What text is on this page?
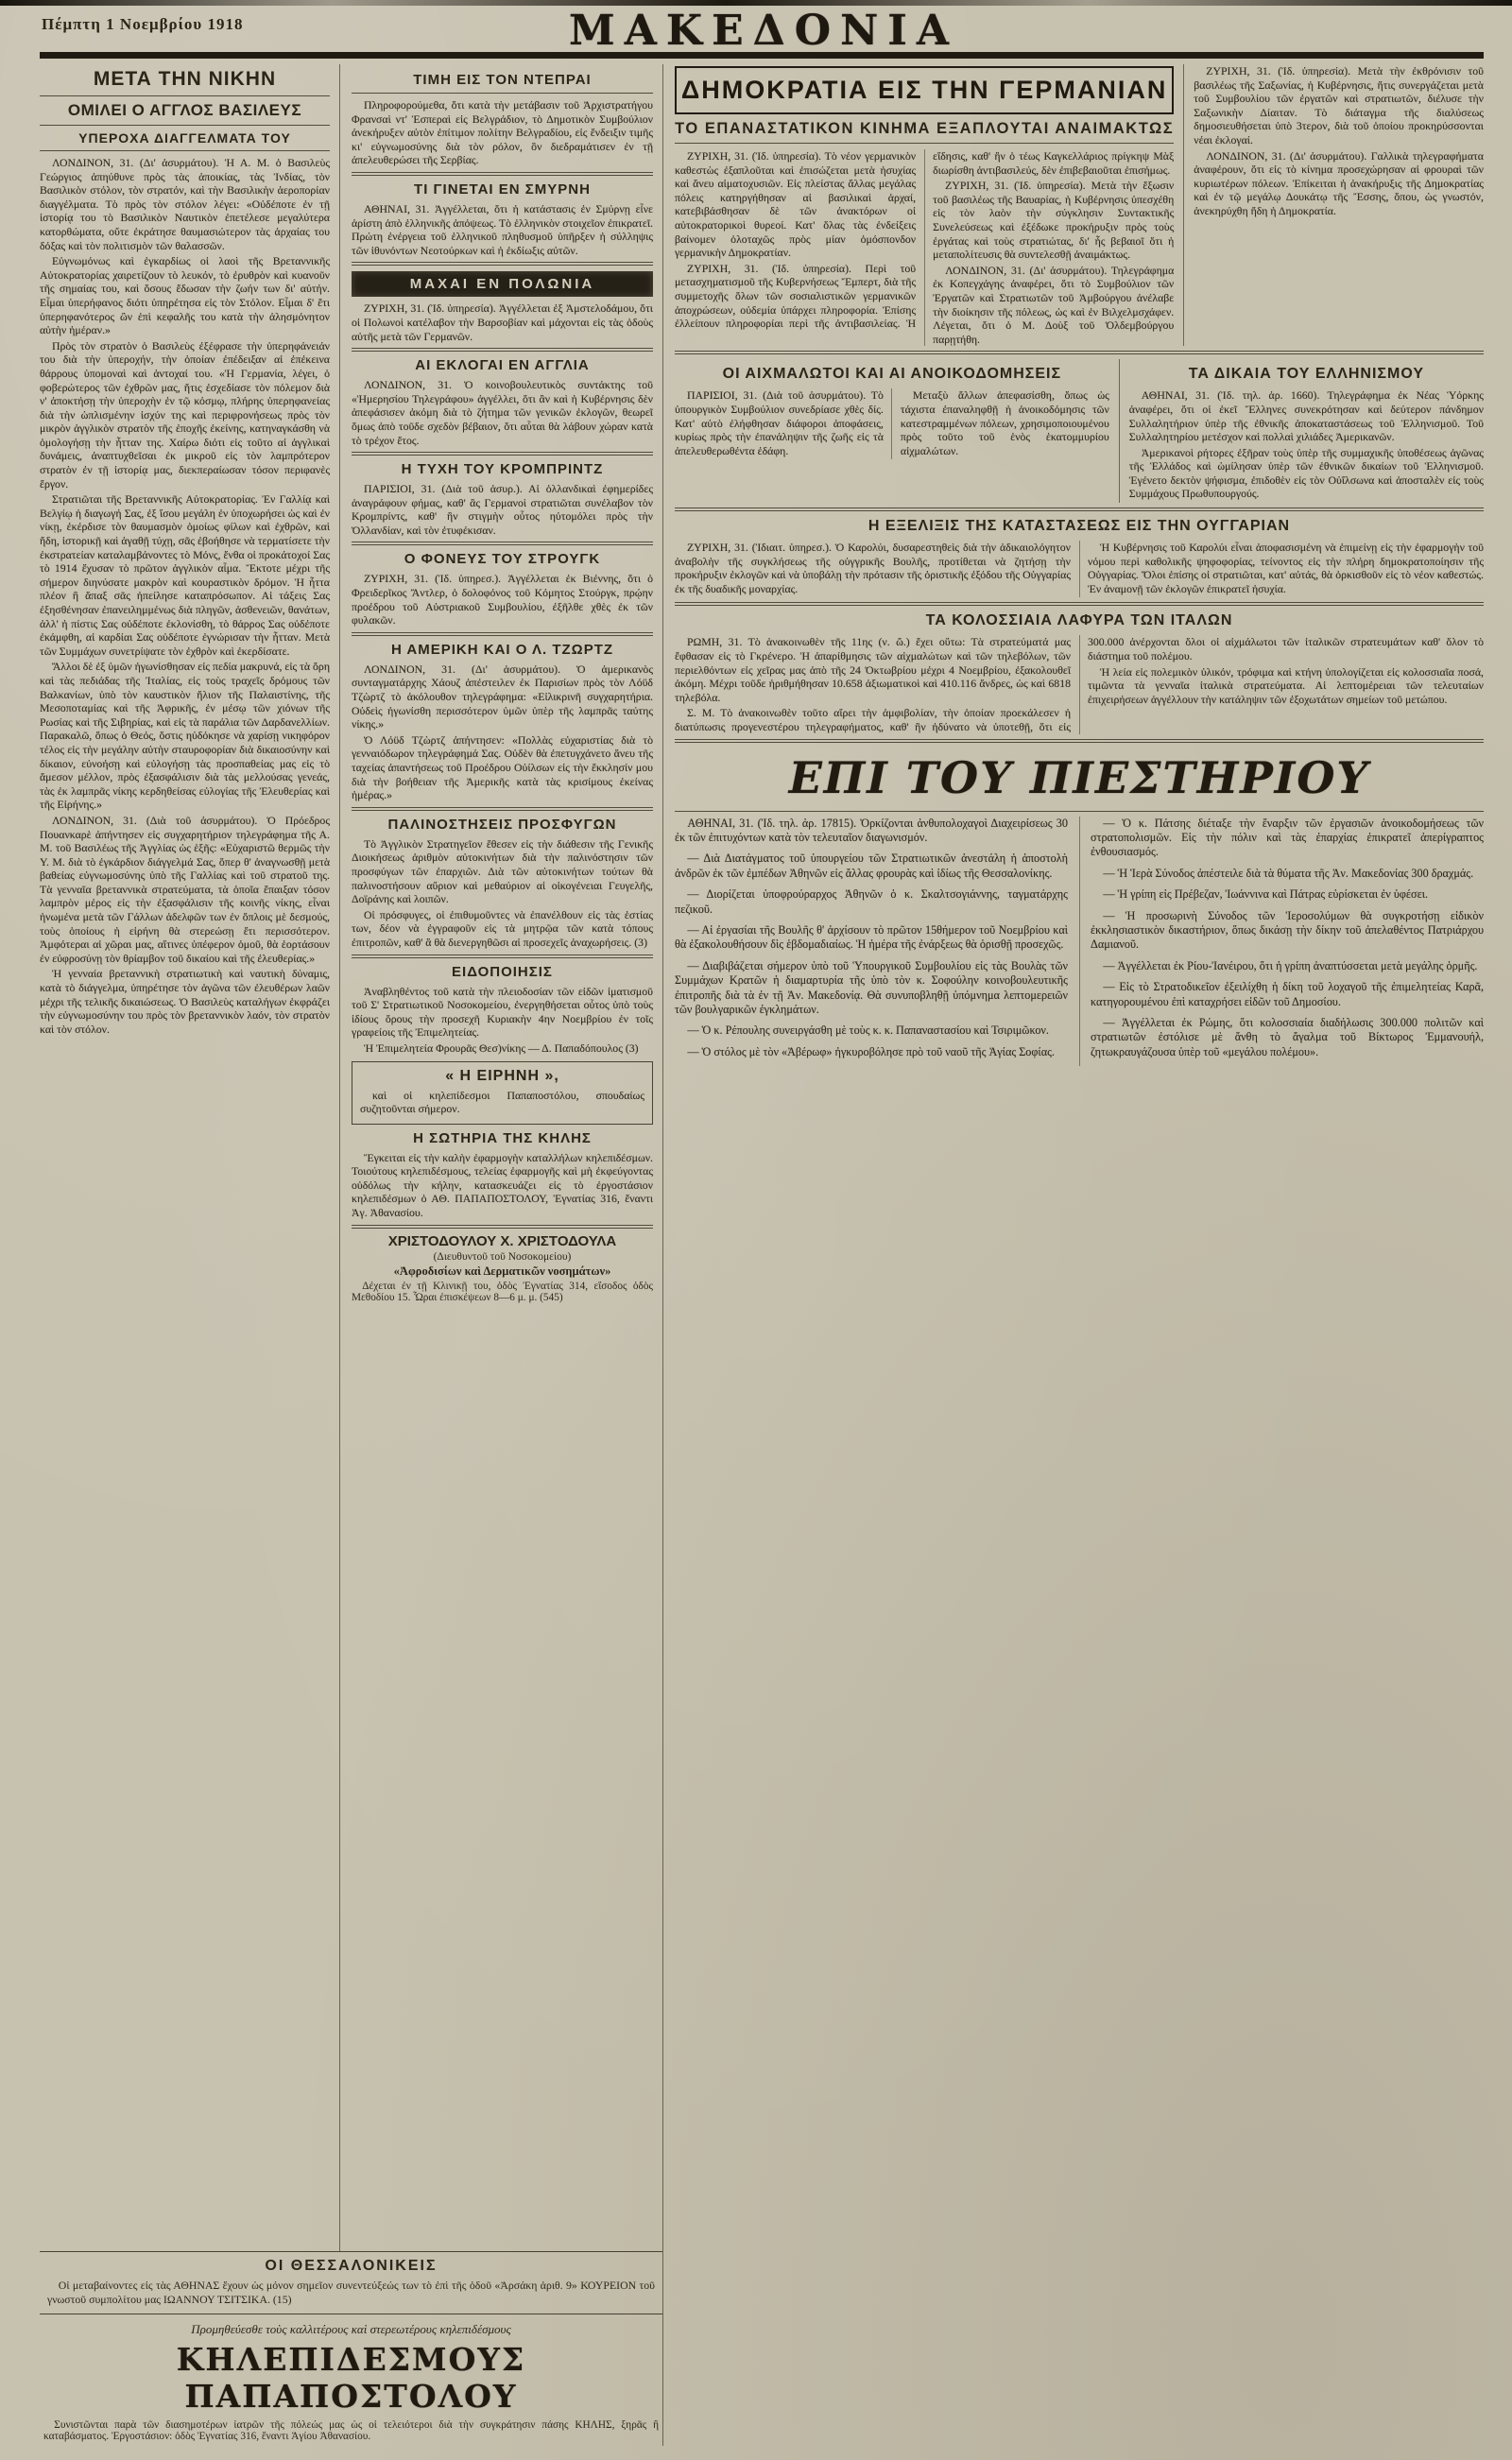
Πέμπτη 1 Νοεμβρίου 1918	ΜΑΚΕΔΟΝΙΑ
ΜΕΤΑ ΤΗΝ ΝΙΚΗΝ
ΟΜΙΛΕΙ Ο ΑΓΓΛΟΣ ΒΑΣΙΛΕΥΣ
ΥΠΕΡΟΧΑ ΔΙΑΓΓΕΛΜΑΤΑ ΤΟΥ

ΛΟΝΔΙΝΟΝ, 31. (Δι' ἀσυρμάτου). Ἡ Α. Μ. ὁ Βασιλεὺς Γεώργιος ἀπηύθυνε πρὸς τὰς ἀποικίας, τὰς Ἰνδίας, τὸν Βασιλικὸν στόλον, τὸν στρατόν, καὶ τὴν Βασιλικὴν ἀεροπορίαν διαγγέλματα. Τὸ πρὸς τὸν στόλον λέγει: «Οὐδέποτε ἐν τῇ ἱστορίᾳ του τὸ Βασιλικὸν Ναυτικὸν ἐπετέλεσε μεγαλύτερα κατορθώματα, οὔτε ἐκράτησε θαυμασιώτερον τὰς ἀρχαίας του δόξας καὶ τὸν πολιτισμὸν τῶν θαλασσῶν.

Εὐγνωμόνως καὶ ἐγκαρδίως οἱ λαοὶ τῆς Βρεταννικῆς Αὐτοκρατορίας χαιρετίζουν τὸ λευκόν, τὸ ἐρυθρὸν καὶ κυανοῦν τῆς σημαίας του, καὶ ὅσους ἔδωσαν τὴν ζωήν των δι' αὐτήν. Εἶμαι ὑπερήφανος διότι ὑπηρέτησα εἰς τὸν Στόλον. Εἶμαι δ' ἔτι ὑπερηφανότερος ὢν ἐπὶ κεφαλῆς του κατὰ τὴν ἀλησμόνητον αὐτὴν ἡμέραν.»

Πρὸς τὸν στρατὸν ὁ Βασιλεὺς ἐξέφρασε τὴν ὑπερηφάνειάν του διὰ τὴν ὑπεροχήν, τὴν ὁποίαν ἐπέδειξαν αἱ ἐπέκεινα θάρρους ὑπομοναὶ καὶ ἀντοχαί του. «Ἡ Γερμανία, λέγει, ὁ φοβερώτερος τῶν ἐχθρῶν μας, ἥτις ἐσχεδίασε τὸν πόλεμον διὰ ν' ἀποκτήσῃ τὴν ὑπεροχὴν ἐν τῷ κόσμῳ, πλήρης ὑπερηφανείας διὰ τὴν ὡπλισμένην ἰσχύν της καὶ περιφρονήσεως πρὸς τὸν μικρὸν ἀγγλικὸν στρατὸν τῆς ἐποχῆς ἐκείνης, κατηναγκάσθη νὰ ὁμολογήσῃ τὴν ἧτταν της. Χαίρω διότι εἰς τοῦτο αἱ ἀγγλικαὶ δυνάμεις, ἀναπτυχθεῖσαι ἐκ μικροῦ εἰς τὸν λαμπρότερον στρατὸν ἐν τῇ ἱστορίᾳ μας, διεκπεραίωσαν τόσον περιφανὲς ἔργον.

Στρατιῶται τῆς Βρεταννικῆς Αὐτοκρατορίας. Ἐν Γαλλίᾳ καὶ Βελγίῳ ἡ διαγωγή Σας, ἐξ ἴσου μεγάλη ἐν ὑποχωρήσει ὡς καὶ ἐν νίκῃ, ἐκέρδισε τὸν θαυμασμὸν ὁμοίως φίλων καὶ ἐχθρῶν, καὶ ἤδη, ἱστορικῇ καὶ ἀγαθῇ τύχῃ, σᾶς ἐβοήθησε νὰ τερματίσετε τὴν ἐκστρατείαν καταλαμβάνοντες τὸ Μόνς, ἔνθα οἱ προκάτοχοί Σας τὸ 1914 ἔχυσαν τὸ πρῶτον ἀγγλικὸν αἷμα. Ἔκτοτε μέχρι τῆς σήμερον διηνύσατε μακρὸν καὶ κουραστικὸν δρόμον. Ἡ ἧττα πλέον ἢ ἅπαξ σᾶς ἠπείλησε καταπρόσωπον. Αἱ τάξεις Σας ἐξησθένησαν ἐπανειλημμένως διὰ πληγῶν, ἀσθενειῶν, θανάτων, ἀλλ' ἡ πίστις Σας οὐδέποτε ἐκλονίσθη, τὸ θάρρος Σας οὐδέποτε ἐκάμφθη, αἱ καρδίαι Σας οὐδέποτε ἐγνώρισαν τὴν ἧτταν. Μετὰ τῶν Συμμάχων συνετρίψατε τὸν ἐχθρὸν καὶ ἐκερδίσατε.

Ἄλλοι δὲ ἐξ ὑμῶν ἠγωνίσθησαν εἰς πεδία μακρυνά, εἰς τὰ ὄρη καὶ τὰς πεδιάδας τῆς Ἰταλίας, εἰς τοὺς τραχεῖς δρόμους τῶν Βαλκανίων, ὑπὸ τὸν καυστικὸν ἥλιον τῆς Παλαιστίνης, τῆς Μεσοποταμίας καὶ τῆς Ἀφρικῆς, ἐν μέσῳ τῶν χιόνων τῆς Ρωσίας καὶ τῆς Σιβηρίας, καὶ εἰς τὰ παράλια τῶν Δαρδανελλίων. Παρακαλῶ, ὅπως ὁ Θεός, ὅστις ηὐδόκησε νὰ χαρίσῃ νικηφόρον τέλος εἰς τὴν μεγάλην αὐτὴν σταυροφορίαν διὰ δικαιοσύνην καὶ δίκαιον, εὐνοήσῃ καὶ εὐλογήσῃ τὰς προσπαθείας μας εἰς τὸ ἄμεσον μέλλον, πρὸς ἐξασφάλισιν διὰ τὰς μελλούσας γενεάς, τὰς ἐκ λαμπρᾶς νίκης κερδηθείσας εὐλογίας τῆς Ἐλευθερίας καὶ τῆς Εἰρήνης.»

ΛΟΝΔΙΝΟΝ, 31. (Διὰ τοῦ ἀσυρμάτου). Ὁ Πρόεδρος Πουανκαρὲ ἀπήντησεν εἰς συγχαρητήριον τηλεγράφημα τῆς Α. Μ. τοῦ Βασιλέως τῆς Ἀγγλίας ὡς ἑξῆς: «Εὐχαριστῶ θερμῶς τὴν Υ. Μ. διὰ τὸ ἐγκάρδιον διάγγελμά Σας, ὅπερ θ' ἀναγνωσθῇ μετὰ βαθείας εὐγνωμοσύνης ὑπὸ τῆς Γαλλίας καὶ τοῦ στρατοῦ της. Τὰ γενναῖα βρεταννικὰ στρατεύματα, τὰ ὁποῖα ἔπαιξαν τόσον λαμπρὸν μέρος εἰς τὴν ἐξασφάλισιν τῆς κοινῆς νίκης, εἶναι ἡνωμένα μετὰ τῶν Γάλλων ἀδελφῶν των ἐν ὅπλοις μὲ δεσμούς, τοὺς ὁποίους ἡ εἰρήνη θὰ στερεώσῃ ἔτι περισσότερον. Ἀμφότεραι αἱ χῶραι μας, αἵτινες ὑπέφερον ὁμοῦ, θὰ ἑορτάσουν ἐν εὐφροσύνῃ τὸν θρίαμβον τοῦ δικαίου καὶ τῆς ἐλευθερίας.»

Ἡ γενναία βρεταννικὴ στρατιωτικὴ καὶ ναυτικὴ δύναμις, κατὰ τὸ διάγγελμα, ὑπηρέτησε τὸν ἀγῶνα τῶν ἐλευθέρων λαῶν μέχρι τῆς τελικῆς δικαιώσεως. Ὁ Βασιλεὺς καταλήγων ἐκφράζει τὴν εὐγνωμοσύνην του πρὸς τὸν βρεταννικὸν λαόν, τὸν στρατὸν καὶ τὸν στόλον.

ΤΙΜΗ ΕΙΣ ΤΟΝ ΝΤΕΠΡΑΙ

Πληροφορούμεθα, ὅτι κατὰ τὴν μετάβασιν τοῦ Ἀρχιστρατήγου Φρανσαὶ ντ' Ἐσπεραὶ εἰς Βελγράδιον, τὸ Δημοτικὸν Συμβούλιον ἀνεκήρυξεν αὐτὸν ἐπίτιμον πολίτην Βελγραδίου, εἰς ἔνδειξιν τιμῆς κι' εὐγνωμοσύνης διὰ τὸν ρόλον, ὃν διεδραμάτισεν ἐν τῇ ἀπελευθερώσει τῆς Σερβίας.

ΤΙ ΓΙΝΕΤΑΙ ΕΝ ΣΜΥΡΝΗ

ΑΘΗΝΑΙ, 31. Ἀγγέλλεται, ὅτι ἡ κατάστασις ἐν Σμύρνῃ εἶνε ἀρίστη ἀπὸ ἑλληνικῆς ἀπόψεως. Τὸ ἑλληνικὸν στοιχεῖον ἐπικρατεῖ. Πρώτη ἐνέργεια τοῦ ἑλληνικοῦ πληθυσμοῦ ὑπῆρξεν ἡ σύλληψις τῶν ἰθυνόντων Νεοτούρκων καὶ ἡ ἐκδίωξις αὐτῶν.

ΜΑΧΑΙ ΕΝ ΠΟΛΩΝΙΑ

ΖΥΡΙΧΗ, 31. (Ἰδ. ὑπηρεσία). Ἀγγέλλεται ἐξ Ἀμστελοδάμου, ὅτι οἱ Πολωνοὶ κατέλαβον τὴν Βαρσοβίαν καὶ μάχονται εἰς τὰς ὁδοὺς αὐτῆς μετὰ τῶν Γερμανῶν.

ΑΙ ΕΚΛΟΓΑΙ ΕΝ ΑΓΓΛΙΑ

ΛΟΝΔΙΝΟΝ, 31. Ὁ κοινοβουλευτικὸς συντάκτης τοῦ «Ἡμερησίου Τηλεγράφου» ἀγγέλλει, ὅτι ἂν καὶ ἡ Κυβέρνησις δὲν ἀπεφάσισεν ἀκόμη διὰ τὸ ζήτημα τῶν γενικῶν ἐκλογῶν, θεωρεῖ ὅμως ἀπὸ τοῦδε σχεδὸν βέβαιον, ὅτι αὗται θὰ λάβουν χώραν κατὰ τὸ τρέχον ἔτος.

Η ΤΥΧΗ ΤΟΥ ΚΡΟΜΠΡΙΝΤΖ

ΠΑΡΙΣΙΟΙ, 31. (Διὰ τοῦ ἀσυρ.). Αἱ ὁλλανδικαὶ ἐφημερίδες ἀναγράφουν φήμας, καθ' ἃς Γερμανοὶ στρατιῶται συνέλαβον τὸν Κρομπρίντς, καθ' ἣν στιγμὴν οὗτος ηὐτομόλει πρὸς τὴν Ὁλλανδίαν, καὶ τὸν ἐτυφέκισαν.

Ο ΦΟΝΕΥΣ ΤΟΥ ΣΤΡΟΥΓΚ

ΖΥΡΙΧΗ, 31. (Ἰδ. ὑπηρεσ.). Ἀγγέλλεται ἐκ Βιέννης, ὅτι ὁ Φρειδερῖκος Ἄντλερ, ὁ δολοφόνος τοῦ Κόμητος Στούργκ, πρῴην προέδρου τοῦ Αὐστριακοῦ Συμβουλίου, ἐξῆλθε χθὲς ἐκ τῶν φυλακῶν.

Η ΑΜΕΡΙΚΗ ΚΑΙ Ο Λ. ΤΖΩΡΤΖ

ΛΟΝΔΙΝΟΝ, 31. (Δι' ἀσυρμάτου). Ὁ ἀμερικανὸς συνταγματάρχης Χάουζ ἀπέστειλεν ἐκ Παρισίων πρὸς τὸν Λόϋδ Τζὼρτζ τὸ ἀκόλουθον τηλεγράφημα: «Εἰλικρινῆ συγχαρητήρια. Οὐδεὶς ἠγωνίσθη περισσότερον ὑμῶν ὑπὲρ τῆς λαμπρᾶς ταύτης νίκης.»

Ὁ Λόϋδ Τζὼρτζ ἀπήντησεν: «Πολλὰς εὐχαριστίας διὰ τὸ γενναιόδωρον τηλεγράφημά Σας. Οὐδὲν θὰ ἐπετυγχάνετο ἄνευ τῆς ταχείας ἀπαντήσεως τοῦ Προέδρου Οὐίλσων εἰς τὴν ἔκκλησίν μου διὰ τὴν βοήθειαν τῆς Ἀμερικῆς κατὰ τὰς κρισίμους ἐκείνας ἡμέρας.»

ΠΑΛΙΝΟΣΤΗΣΕΙΣ ΠΡΟΣΦΥΓΩΝ

Τὸ Ἀγγλικὸν Στρατηγεῖον ἔθεσεν εἰς τὴν διάθεσιν τῆς Γενικῆς Διοικήσεως ἀριθμὸν αὐτοκινήτων διὰ τὴν παλινόστησιν τῶν προσφύγων τῶν ἐπαρχιῶν. Διὰ τῶν αὐτοκινήτων τούτων θὰ παλινοστήσουν αὔριον καὶ μεθαύριον αἱ οἰκογένειαι Γευγελῆς, Δοϊράνης καὶ λοιπῶν.

Οἱ πρόσφυγες, οἱ ἐπιθυμοῦντες νὰ ἐπανέλθουν εἰς τὰς ἑστίας των, δέον νὰ ἐγγραφοῦν εἰς τὰ μητρῷα τῶν κατὰ τόπους ἐπιτροπῶν, καθ' ἃ θὰ διενεργηθῶσι αἱ προσεχεῖς ἀναχωρήσεις. (3)

ΕΙΔΟΠΟΙΗΣΙΣ

Ἀναβληθέντος τοῦ κατὰ τὴν πλειοδοσίαν τῶν εἰδῶν ἱματισμοῦ τοῦ Σ' Στρατιωτικοῦ Νοσοκομείου, ἐνεργηθήσεται οὗτος ὑπὸ τοὺς ἰδίους ὅρους τὴν προσεχῆ Κυριακὴν 4ην Νοεμβρίου ἐν τοῖς γραφείοις τῆς Ἐπιμελητείας.

Ἡ Ἐπιμελητεία Φρουρᾶς Θεσ)νίκης — Δ. Παπαδόπουλος (3)

« Η ΕΙΡΗΝΗ »,

καὶ οἱ κηλεπίδεσμοι Παπαποστόλου, σπουδαίως συζητοῦνται σήμερον.

Η ΣΩΤΗΡΙΑ ΤΗΣ ΚΗΛΗΣ

Ἔγκειται εἰς τὴν καλὴν ἐφαρμογὴν καταλλήλων κηλεπιδέσμων. Τοιούτους κηλεπιδέσμους, τελείας ἐφαρμογῆς καὶ μὴ ἐκφεύγοντας οὐδόλως τὴν κήλην, κατασκευάζει εἰς τὸ ἐργοστάσιον κηλεπιδέσμων ὁ ΑΘ. ΠΑΠΑΠΟΣΤΟΛΟΥ, Ἐγνατίας 316, ἔναντι Ἁγ. Ἀθανασίου.

ΧΡΙΣΤΟΔΟΥΛΟΥ Χ. ΧΡΙΣΤΟΔΟΥΛΑ
(Διευθυντοῦ τοῦ Νοσοκομείου)
«Ἀφροδισίων καὶ Δερματικῶν νοσημάτων»
Δέχεται ἐν τῇ Κλινικῇ του, ὁδὸς Ἐγνατίας 314, εἴσοδος ὁδὸς Μεθοδίου 15. Ὧραι ἐπισκέψεων 8—6 μ. μ. (545)
ΟΙ ΘΕΣΣΑΛΟΝΙΚΕΙΣ
Οἱ μεταβαίνοντες εἰς τὰς ΑΘΗΝΑΣ ἔχουν ὡς μόνον σημεῖον συνεντεύξεώς των τὸ ἐπὶ τῆς ὁδοῦ «Ἀρσάκη ἀριθ. 9» ΚΟΥΡΕΙΟΝ τοῦ γνωστοῦ συμπολίτου μας ΙΩΑΝΝΟΥ ΤΣΙΤΣΙΚΑ. (15)
Προμηθεύεσθε τοὺς καλλιτέρους καὶ στερεωτέρους κηλεπιδέσμους
ΚΗΛΕΠΙΔΕΣΜΟΥΣ ΠΑΠΑΠΟΣΤΟΛΟΥ
Συνιστῶνται παρὰ τῶν διασημοτέρων ἰατρῶν τῆς πόλεώς μας ὡς οἱ τελειότεροι διὰ τὴν συγκράτησιν πάσης ΚΗΛΗΣ, ξηρᾶς ἢ καταβάσματος. Ἐργοστάσιον: ὁδὸς Ἐγνατίας 316, ἔναντι Ἁγίου Ἀθανασίου.
ΔΗΜΟΚΡΑΤΙΑ ΕΙΣ ΤΗΝ ΓΕΡΜΑΝΙΑΝ
ΤΟ ΕΠΑΝΑΣΤΑΤΙΚΟΝ ΚΙΝΗΜΑ ΕΞΑΠΛΟΥΤΑΙ ΑΝΑΙΜΑΚΤΩΣ

ΖΥΡΙΧΗ, 31. (Ἰδ. ὑπηρεσία). Τὸ νέον γερμανικὸν καθεστὼς ἐξαπλοῦται καὶ ἐπισώζεται μετὰ ἡσυχίας καὶ ἄνευ αἱματοχυσιῶν. Εἰς πλείστας ἄλλας μεγάλας πόλεις κατηργήθησαν αἱ βασιλικαὶ ἀρχαί, κατεβιβάσθησαν δὲ τῶν ἀνακτόρων οἱ αὐτοκρατορικοὶ θυρεοί. Κατ' ὅλας τὰς ἐνδείξεις βαίνομεν ὁλοταχῶς πρὸς μίαν ὁμόσπονδον γερμανικὴν Δημοκρατίαν.

ΖΥΡΙΧΗ, 31. (Ἰδ. ὑπηρεσία). Περὶ τοῦ μετασχηματισμοῦ τῆς Κυβερνήσεως Ἔμπερτ, διὰ τῆς συμμετοχῆς ὅλων τῶν σοσιαλιστικῶν γερμανικῶν ἀποχρώσεων, οὐδεμία ὑπάρχει πληροφορία. Ἐπίσης ἐλλείπουν πληροφορίαι περὶ τῆς ἀντιβασιλείας. Ἡ εἴδησις, καθ' ἣν ὁ τέως Καγκελλάριος πρίγκηψ Μὰξ διωρίσθη ἀντιβασιλεύς, δὲν ἐπιβεβαιοῦται ἐπισήμως.

ΖΥΡΙΧΗ, 31. (Ἰδ. ὑπηρεσία). Μετὰ τὴν ἔξωσιν τοῦ βασιλέως τῆς Βαυαρίας, ἡ Κυβέρνησις ὑπεσχέθη εἰς τὸν λαὸν τὴν σύγκλησιν Συντακτικῆς Συνελεύσεως καὶ ἐξέδωκε προκήρυξιν πρὸς τοὺς ἐργάτας καὶ τοὺς στρατιώτας, δι' ἧς βεβαιοῖ ὅτι ἡ μεταπολίτευσις θὰ συντελεσθῇ ἀναιμάκτως.

ΛΟΝΔΙΝΟΝ, 31. (Δι' ἀσυρμάτου). Τηλεγράφημα ἐκ Κοπεγχάγης ἀναφέρει, ὅτι τὸ Συμβούλιον τῶν Ἐργατῶν καὶ Στρατιωτῶν τοῦ Ἀμβούργου ἀνέλαβε τὴν διοίκησιν τῆς πόλεως, ὡς καὶ ἐν Βιλχελμσχάφεν. Λέγεται, ὅτι ὁ Μ. Δοὺξ τοῦ Ὀλδεμβούργου παρῃτήθη.

ΖΥΡΙΧΗ, 31. (Ἰδ. ὑπηρεσία). Μετὰ τὴν ἐκθρόνισιν τοῦ βασιλέως τῆς Σαξωνίας, ἡ Κυβέρνησις, ἥτις συνεργάζεται μετὰ τοῦ Συμβουλίου τῶν ἐργατῶν καὶ στρατιωτῶν, διέλυσε τὴν Σαξωνικὴν Δίαιταν. Τὸ διάταγμα τῆς διαλύσεως δημοσιευθήσεται ὑπὸ 3τερον, διὰ τοῦ ὁποίου προκηρύσσονται νέαι ἐκλογαί.

ΛΟΝΔΙΝΟΝ, 31. (Δι' ἀσυρμάτου). Γαλλικὰ τηλεγραφήματα ἀναφέρουν, ὅτι εἰς τὸ κίνημα προσεχώρησαν αἱ φρουραὶ τῶν κυριωτέρων πόλεων. Ἐπίκειται ἡ ἀνακήρυξις τῆς Δημοκρατίας καὶ ἐν τῷ μεγάλῳ Δουκάτῳ τῆς Ἔσσης, ὅπου, ὡς γνωστόν, ἀνεκηρύχθη ἤδη ἡ Δημοκρατία.

ΟΙ ΑΙΧΜΑΛΩΤΟΙ ΚΑΙ ΑΙ ΑΝΟΙΚΟΔΟΜΗΣΕΙΣ

ΠΑΡΙΣΙΟΙ, 31. (Διὰ τοῦ ἀσυρμάτου). Τὸ ὑπουργικὸν Συμβούλιον συνεδρίασε χθὲς δίς. Κατ' αὐτὸ ἐλήφθησαν διάφοροι ἀποφάσεις, κυρίως πρὸς τὴν ἐπανάληψιν τῆς ζωῆς εἰς τὰ ἀπελευθερωθέντα ἐδάφη.

Μεταξὺ ἄλλων ἀπεφασίσθη, ὅπως ὡς τάχιστα ἐπαναληφθῇ ἡ ἀνοικοδόμησις τῶν κατεστραμμένων πόλεων, χρησιμοποιουμένου πρὸς τοῦτο τοῦ ἑνὸς ἑκατομμυρίου αἰχμαλώτων.

ΤΑ ΔΙΚΑΙΑ ΤΟΥ ΕΛΛΗΝΙΣΜΟΥ

ΑΘΗΝΑΙ, 31. (Ἰδ. τηλ. ἀρ. 1660). Τηλεγράφημα ἐκ Νέας Ὑόρκης ἀναφέρει, ὅτι οἱ ἐκεῖ Ἕλληνες συνεκρότησαν καὶ δεύτερον πάνδημον Συλλαλητήριον ὑπὲρ τῆς ἐθνικῆς ἀποκαταστάσεως τοῦ Ἑλληνισμοῦ. Τοῦ Συλλαλητηρίου μετέσχον καὶ πολλαὶ χιλιάδες Ἀμερικανῶν.

Ἀμερικανοὶ ρήτορες ἐξῆραν τοὺς ὑπὲρ τῆς συμμαχικῆς ὑποθέσεως ἀγῶνας τῆς Ἑλλάδος καὶ ὡμίλησαν ὑπὲρ τῶν ἐθνικῶν δικαίων τοῦ Ἑλληνισμοῦ. Ἐγένετο δεκτὸν ψήφισμα, ἐπιδοθὲν εἰς τὸν Οὐΐλσωνα καὶ ἀποσταλὲν εἰς τοὺς Συμμάχους Πρωθυπουργούς.

Η ΕΞΕΛΙΞΙΣ ΤΗΣ ΚΑΤΑΣΤΑΣΕΩΣ ΕΙΣ ΤΗΝ ΟΥΓΓΑΡΙΑΝ

ΖΥΡΙΧΗ, 31. (Ἰδιαιτ. ὑπηρεσ.). Ὁ Καρολύι, δυσαρεστηθεὶς διὰ τὴν ἀδικαιολόγητον ἀναβολὴν τῆς συγκλήσεως τῆς οὑγγρικῆς Βουλῆς, προτίθεται νὰ ζητήσῃ τὴν προκήρυξιν ἐκλογῶν καὶ νὰ ὑποβάλῃ τὴν πρότασιν τῆς ὁριστικῆς ἐξόδου τῆς Οὑγγαρίας ἐκ τῆς δυαδικῆς μοναρχίας.

Ἡ Κυβέρνησις τοῦ Καρολύι εἶναι ἀποφασισμένη νὰ ἐπιμείνῃ εἰς τὴν ἐφαρμογὴν τοῦ νόμου περὶ καθολικῆς ψηφοφορίας, τείνοντος εἰς τὴν πλήρη δημοκρατοποίησιν τῆς Οὑγγαρίας. Ὅλοι ἐπίσης οἱ στρατιῶται, κατ' αὐτάς, θὰ ὁρκισθοῦν εἰς τὸ νέον καθεστώς. Ἐν ἀναμονῇ τῶν ἐκλογῶν ἐπικρατεῖ ἡσυχία.

ΤΑ ΚΟΛΟΣΣΙΑΙΑ ΛΑΦΥΡΑ ΤΩΝ ΙΤΑΛΩΝ

ΡΩΜΗ, 31. Τὸ ἀνακοινωθὲν τῆς 11ης (ν. ὥ.) ἔχει οὕτω: Τὰ στρατεύματά μας ἔφθασαν εἰς τὸ Γκρένερο. Ἡ ἀπαρίθμησις τῶν αἰχμαλώτων καὶ τῶν τηλεβόλων, τῶν περιελθόντων εἰς χεῖρας μας ἀπὸ τῆς 24 Ὀκτωβρίου μέχρι 4 Νοεμβρίου, ἐξακολουθεῖ ἀκόμη. Μέχρι τοῦδε ἠριθμήθησαν 10.658 ἀξιωματικοὶ καὶ 410.116 ἄνδρες, ὡς καὶ 6818 τηλεβόλα.

Σ. Μ. Τὸ ἀνακοινωθὲν τοῦτο αἴρει τὴν ἀμφιβολίαν, τὴν ὁποίαν προεκάλεσεν ἡ διατύπωσις προγενεστέρου τηλεγραφήματος, καθ' ἣν ἠδύνατο νὰ ὑποτεθῇ, ὅτι εἰς 300.000 ἀνέρχονται ὅλοι οἱ αἰχμάλωτοι τῶν ἰταλικῶν στρατευμάτων καθ' ὅλον τὸ διάστημα τοῦ πολέμου.

Ἡ λεία εἰς πολεμικὸν ὑλικόν, τρόφιμα καὶ κτήνη ὑπολογίζεται εἰς κολοσσιαῖα ποσά, τιμῶντα τὰ γενναῖα ἰταλικὰ στρατεύματα. Αἱ λεπτομέρειαι τῶν τελευταίων ἐπιχειρήσεων ἀγγέλλουν τὴν κατάληψιν τῶν ἐξοχωτάτων σημείων τοῦ μετώπου.

ΕΠΙ ΤΟΥ ΠΙΕΣΤΗΡΙΟΥ

ΑΘΗΝΑΙ, 31. (Ἰδ. τηλ. ἀρ. 17815). Ὁρκίζονται ἀνθυπολοχαγοὶ Διαχειρίσεως 30 ἐκ τῶν ἐπιτυχόντων κατὰ τὸν τελευταῖον διαγωνισμόν.

— Διὰ Διατάγματος τοῦ ὑπουργείου τῶν Στρατιωτικῶν ἀνεστάλη ἡ ἀποστολὴ ἀνδρῶν ἐκ τῶν ἐμπέδων Ἀθηνῶν εἰς ἄλλας φρουρὰς καὶ ἰδίως τῆς Θεσσαλονίκης.

— Διορίζεται ὑποφρούραρχος Ἀθηνῶν ὁ κ. Σκαλτσογιάννης, ταγματάρχης πεζικοῦ.

— Αἱ ἐργασίαι τῆς Βουλῆς θ' ἀρχίσουν τὸ πρῶτον 15θήμερον τοῦ Νοεμβρίου καὶ θὰ ἐξακολουθήσουν δὶς ἑβδομαδιαίως. Ἡ ἡμέρα τῆς ἐνάρξεως θὰ ὁρισθῇ προσεχῶς.

— Διαβιβάζεται σήμερον ὑπὸ τοῦ Ὑπουργικοῦ Συμβουλίου εἰς τὰς Βουλὰς τῶν Συμμάχων Κρατῶν ἡ διαμαρτυρία τῆς ὑπὸ τὸν κ. Σοφούλην κοινοβουλευτικῆς ἐπιτροπῆς διὰ τὰ ἐν τῇ Ἀν. Μακεδονίᾳ. Θὰ συνυποβληθῇ ὑπόμνημα λεπτομερειῶν τῶν βουλγαρικῶν ἐγκλημάτων.

— Ὁ κ. Ρέπουλης συνειργάσθη μὲ τοὺς κ. κ. Παπαναστασίου καὶ Τσιριμῶκον.

— Ὁ στόλος μὲ τὸν «Ἀβέρωφ» ἠγκυροβόλησε πρὸ τοῦ ναοῦ τῆς Ἁγίας Σοφίας.

— Ὁ κ. Πάτσης διέταξε τὴν ἔναρξιν τῶν ἐργασιῶν ἀνοικοδομήσεως τῶν στρατοπολισμῶν. Εἰς τὴν πόλιν καὶ τὰς ἐπαρχίας ἐπικρατεῖ ἀπερίγραπτος ἐνθουσιασμός.

— Ἡ Ἱερὰ Σύνοδος ἀπέστειλε διὰ τὰ θύματα τῆς Ἀν. Μακεδονίας 300 δραχμάς.

— Ἡ γρίπη εἰς Πρέβεζαν, Ἰωάννινα καὶ Πάτρας εὑρίσκεται ἐν ὑφέσει.

— Ἡ προσωρινὴ Σύνοδος τῶν Ἱεροσολύμων θὰ συγκροτήσῃ εἰδικὸν ἐκκλησιαστικὸν δικαστήριον, ὅπως δικάσῃ τὴν δίκην τοῦ ἀπελαθέντος Πατριάρχου Δαμιανοῦ.

— Ἀγγέλλεται ἐκ Ρίου-Ἰανέιρου, ὅτι ἡ γρίπη ἀναπτύσσεται μετὰ μεγάλης ὁρμῆς.

— Εἰς τὸ Στρατοδικεῖον ἐξειλίχθη ἡ δίκη τοῦ λοχαγοῦ τῆς ἐπιμελητείας Καρᾶ, κατηγορουμένου ἐπὶ καταχρήσει εἰδῶν τοῦ Δημοσίου.

— Ἀγγέλλεται ἐκ Ρώμης, ὅτι κολοσσιαία διαδήλωσις 300.000 πολιτῶν καὶ στρατιωτῶν ἐστόλισε μὲ ἄνθη τὸ ἄγαλμα τοῦ Βίκτωρος Ἐμμανουήλ, ζητωκραυγάζουσα ὑπὲρ τοῦ «μεγάλου πολέμου».
